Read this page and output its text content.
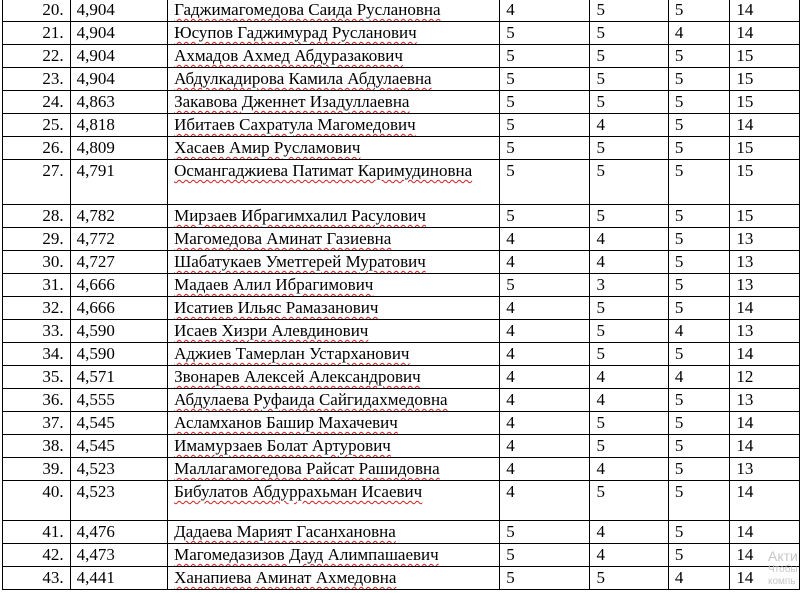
20.	4,904	Гаджимагомедова Саида Руслановна	4	5	5	14
21.	4,904	Юсупов Гаджимурад Русланович	5	5	4	14
22.	4,904	Ахмадов Ахмед Абдуразакович	5	5	5	15
23.	4,904	Абдулкадирова Камила Абдулаевна	5	5	5	15
24.	4,863	Закавова Дженнет Изадуллаевна	5	5	5	15
25.	4,818	Ибитаев Сахратула Магомедович	5	4	5	14
26.	4,809	Хасаев Амир Русламович	5	5	5	15
27.	4,791	Османгаджиева Патимат Каримудиновна	5	5	5	15
28.	4,782	Мирзаев Ибрагимхалил Расулович	5	5	5	15
29.	4,772	Магомедова Аминат Газиевна	4	4	5	13
30.	4,727	Шабатукаев Уметгерей Муратович	4	4	5	13
31.	4,666	Мадаев Алил Ибрагимович	5	3	5	13
32.	4,666	Исатиев Ильяс Рамазанович	4	5	5	14
33.	4,590	Исаев Хизри Алевдинович	4	5	4	13
34.	4,590	Аджиев Тамерлан Устарханович	4	5	5	14
35.	4,571	Звонарев Алексей Александрович	4	4	4	12
36.	4,555	Абдулаева Руфаида Сайгидахмедовна	4	4	5	13
37.	4,545	Асламханов Башир Махачевич	4	5	5	14
38.	4,545	Имамурзаев Болат Артурович	4	5	5	14
39.	4,523	Маллагамогедова Райсат Рашидовна	4	4	5	13
40.	4,523	Бибулатов Абдуррахьман Исаевич	4	5	5	14
41.	4,476	Дадаева Марият Гасанхановна	5	4	5	14
42.	4,473	Магомедазизов Дауд Алимпашаевич	5	4	5	14
43.	4,441	Ханапиева Аминат Ахмедовна	5	5	4	14
Акти
Чтобы
компь
